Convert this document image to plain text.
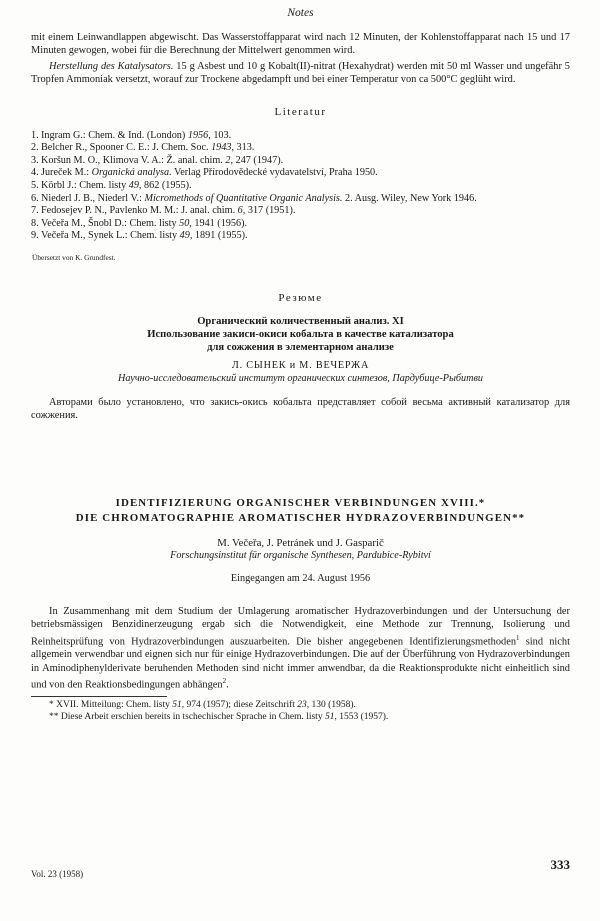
Notes

mit einem Leinwandlappen abgewischt. Das Wasserstoffapparat wird nach 12 Minuten, der Kohlenstoffapparat nach 15 und 17 Minuten gewogen, wobei für die Berechnung der Mittelwert genommen wird.

Herstellung des Katalysators. 15 g Asbest und 10 g Kobalt(II)-nitrat (Hexahydrat) werden mit 50 ml Wasser und ungefähr 5 Tropfen Ammoniak versetzt, worauf zur Trockene abgedampft und bei einer Temperatur von ca 500°C geglüht wird.

Literatur

1. Ingram G.: Chem. & Ind. (London) 1956, 103.
2. Belcher R., Spooner C. E.: J. Chem. Soc. 1943, 313.
3. Koršun M. O., Klimova V. A.: Ž. anal. chim. 2, 247 (1947).
4. Jureček M.: Organická analysa. Verlag Přírodovědecké vydavatelství, Praha 1950.
5. Körbl J.: Chem. listy 49, 862 (1955).
6. Niederl J. B., Niederl V.: Micromethods of Quantitative Organic Analysis. 2. Ausg. Wiley, New York 1946.
7. Fedosejev P. N., Pavlenko M. M.: J. anal. chim. 6, 317 (1951).
8. Večeřa M., Šnobl D.: Chem. listy 50, 1941 (1956).
9. Večeřa M., Synek L.: Chem. listy 49, 1891 (1955).

Übersetzt von K. Grundfest.

Резюме

Органический количественный анализ. XI

Использование закиси-окиси кобальта в качестве катализатора

для сожжения в элементарном анализе

Л. СЫНЕК и М. ВЕЧЕРЖА

Научно-исследовательский институт органических синтезов, Пардубице-Рыбитви

Авторами было установлено, что закись-окись кобальта представляет собой весьма активный катализатор для сожжения.

IDENTIFIZIERUNG ORGANISCHER VERBINDUNGEN XVIII.*

DIE CHROMATOGRAPHIE AROMATISCHER HYDRAZOVERBINDUNGEN**

M. Večeřa, J. Petránek und J. Gasparič

Forschungsinstitut für organische Synthesen, Pardubice-Rybitví

Eingegangen am 24. August 1956

In Zusammenhang mit dem Studium der Umlagerung aromatischer Hydrazoverbindungen und der Untersuchung der betriebsmässigen Benzidinerzeugung ergab sich die Notwendigkeit, eine Methode zur Trennung, Isolierung und Reinheitsprüfung von Hydrazoverbindungen auszuarbeiten. Die bisher angegebenen Identifizierungsmethoden$^1$ sind nicht allgemein verwendbar und eignen sich nur für einige Hydrazoverbindungen. Die auf der Überführung von Hydrazoverbindungen in Aminodiphenylderivate beruhenden Methoden sind nicht immer anwendbar, da die Reaktionsprodukte nicht einheitlich sind und von den Reaktionsbedingungen abhängen$^2$.

* XVII. Mitteilung: Chem. listy 51, 974 (1957); diese Zeitschrift 23, 130 (1958).

** Diese Arbeit erschien bereits in tschechischer Sprache in Chem. listy 51, 1553 (1957).

Vol. 23 (1958)
333
